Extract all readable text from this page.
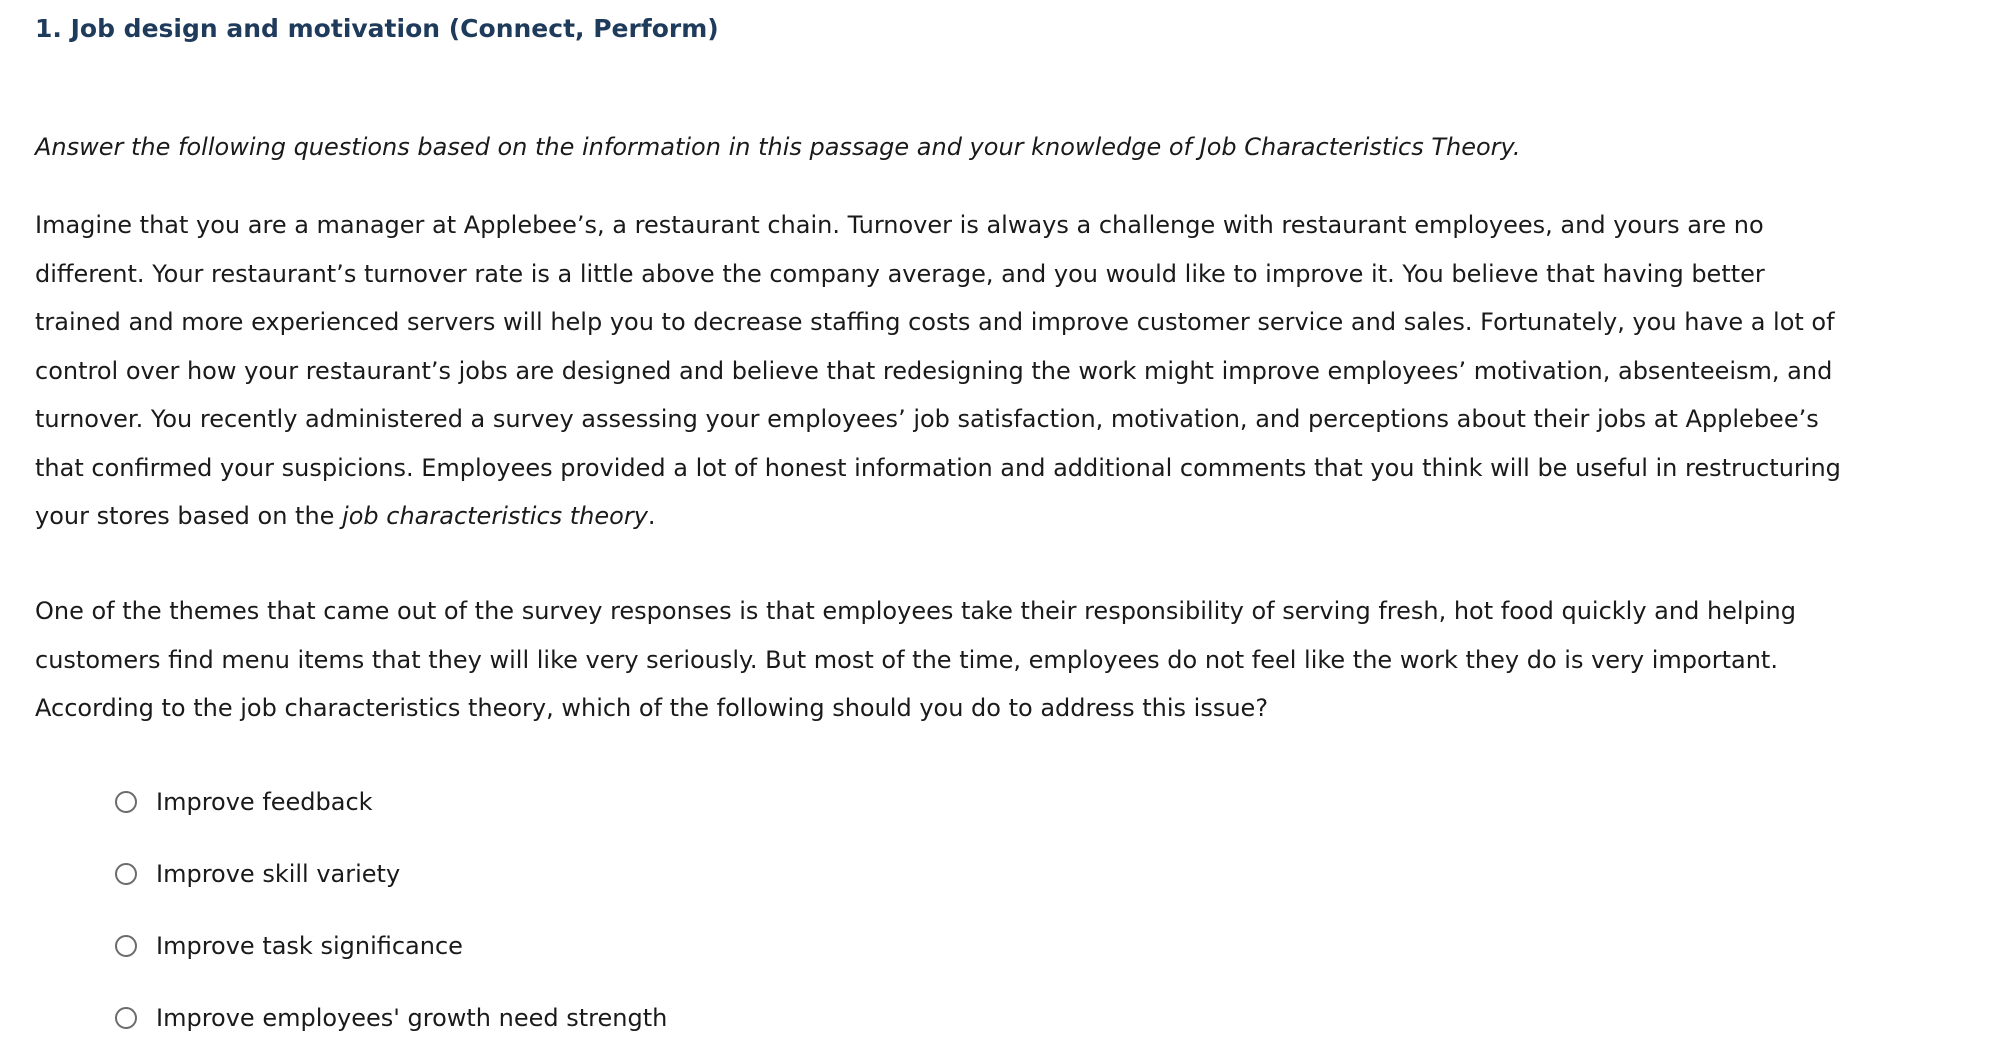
1. Job design and motivation (Connect, Perform)
Answer the following questions based on the information in this passage and your knowledge of Job Characteristics Theory.

Imagine that you are a manager at Applebee’s, a restaurant chain. Turnover is always a challenge with restaurant employees, and yours are no
different. Your restaurant’s turnover rate is a little above the company average, and you would like to improve it. You believe that having better
trained and more experienced servers will help you to decrease staffing costs and improve customer service and sales. Fortunately, you have a lot of
control over how your restaurant’s jobs are designed and believe that redesigning the work might improve employees’ motivation, absenteeism, and
turnover. You recently administered a survey assessing your employees’ job satisfaction, motivation, and perceptions about their jobs at Applebee’s
that confirmed your suspicions. Employees provided a lot of honest information and additional comments that you think will be useful in restructuring
your stores based on the job characteristics theory.

One of the themes that came out of the survey responses is that employees take their responsibility of serving fresh, hot food quickly and helping
customers find menu items that they will like very seriously. But most of the time, employees do not feel like the work they do is very important.
According to the job characteristics theory, which of the following should you do to address this issue?

Improve feedback
Improve skill variety
Improve task significance
Improve employees' growth need strength
